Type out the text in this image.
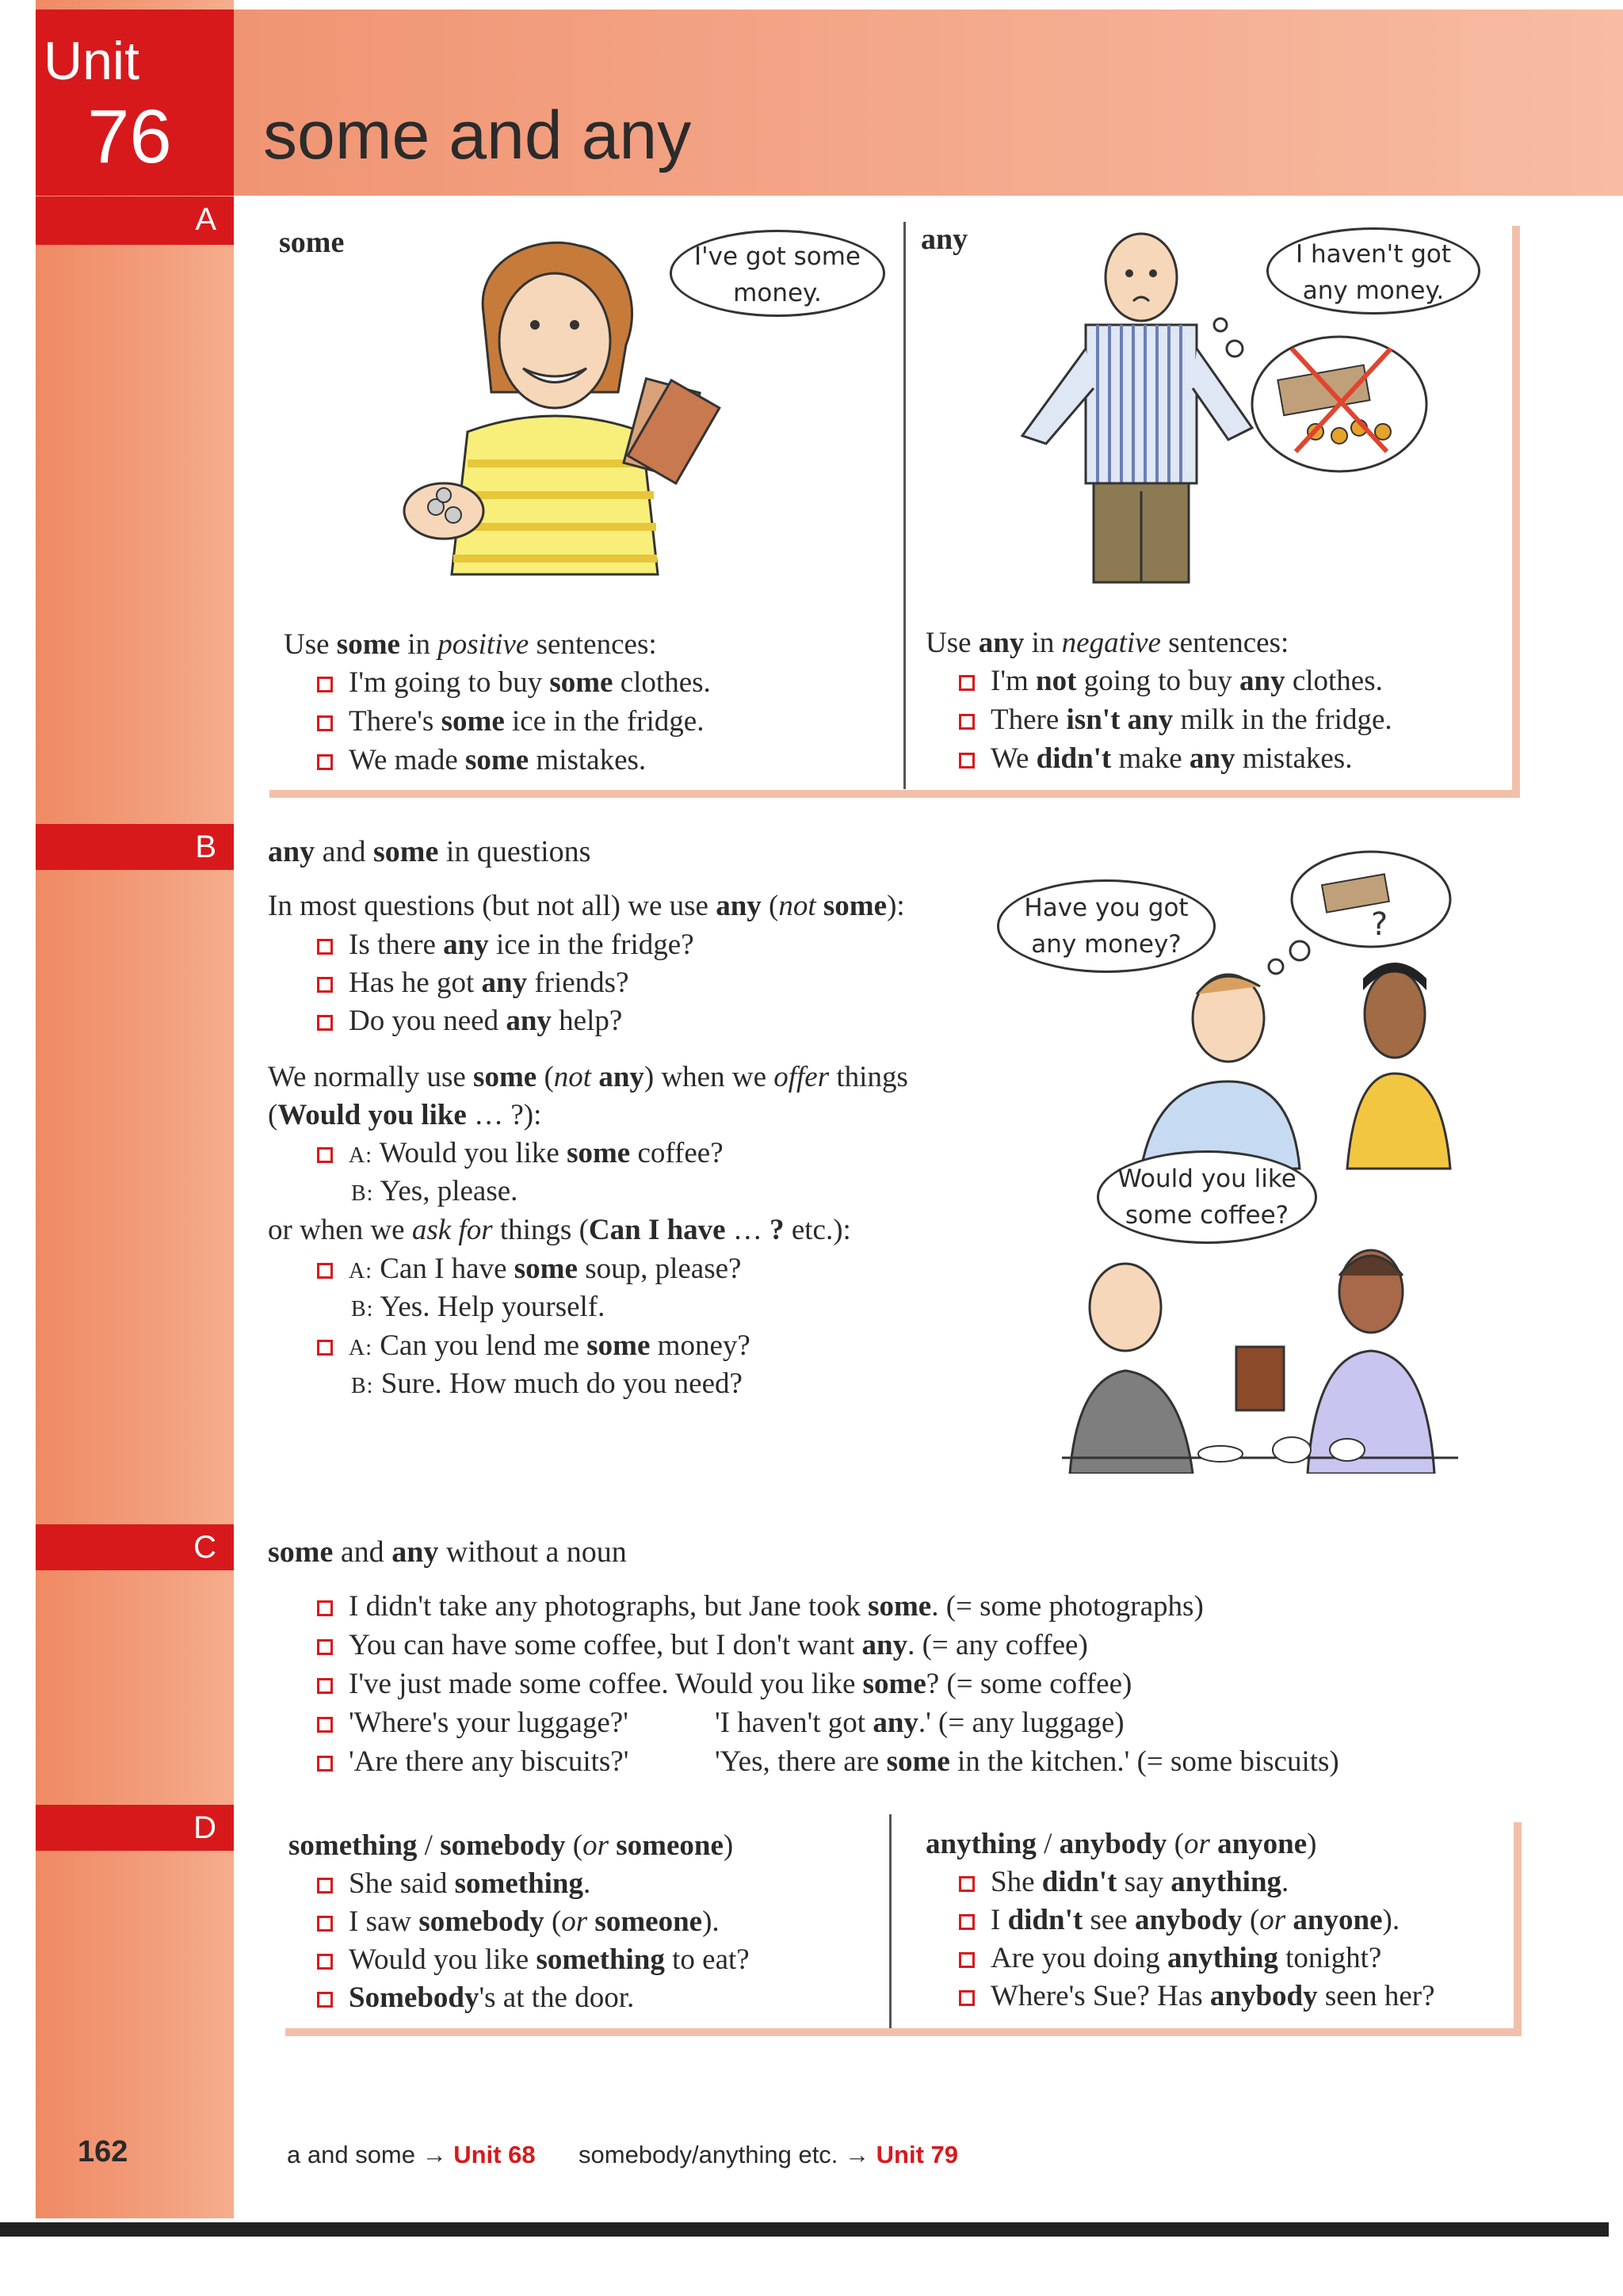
Unit
76 some and any
A
some	I've got some
money.
Use some in positive sentences:
I'm going to buy some clothes.
There's some ice in the fridge.
We made some mistakes.
any	I haven't got
any money.
Use any in negative sentences:
I'm not going to buy any clothes.
There isn't any milk in the fridge.
We didn't make any mistakes.
B	any and some in questions
In most questions (but not all) we use any (not some):
Is there any ice in the fridge?
Has he got any friends?
Do you need any help?
We normally use some (not any) when we offer things
(Would you like … ?):
A: Would you like some coffee?
B: Yes, please.
or when we ask for things (Can I have … ? etc.):
A: Can I have some soup, please?
B: Yes. Help yourself.
A: Can you lend me some money?
B: Sure. How much do you need?
?
Have you got
any money?
Would you like
some coffee?
C	some and any without a noun
I didn't take any photographs, but Jane took some. (= some photographs)
You can have some coffee, but I don't want any. (= any coffee)
I've just made some coffee. Would you like some? (= some coffee)
'Where's your luggage?'	'I haven't got any.' (= any luggage)
'Are there any biscuits?'	'Yes, there are some in the kitchen.' (= some biscuits)
D
something / somebody (or someone)
She said something.
I saw somebody (or someone).
Would you like something to eat?
Somebody's at the door.
anything / anybody (or anyone)
She didn't say anything.
I didn't see anybody (or anyone).
Are you doing anything tonight?
Where's Sue? Has anybody seen her?
162	a and some → Unit 68 somebody/anything etc. → Unit 79
